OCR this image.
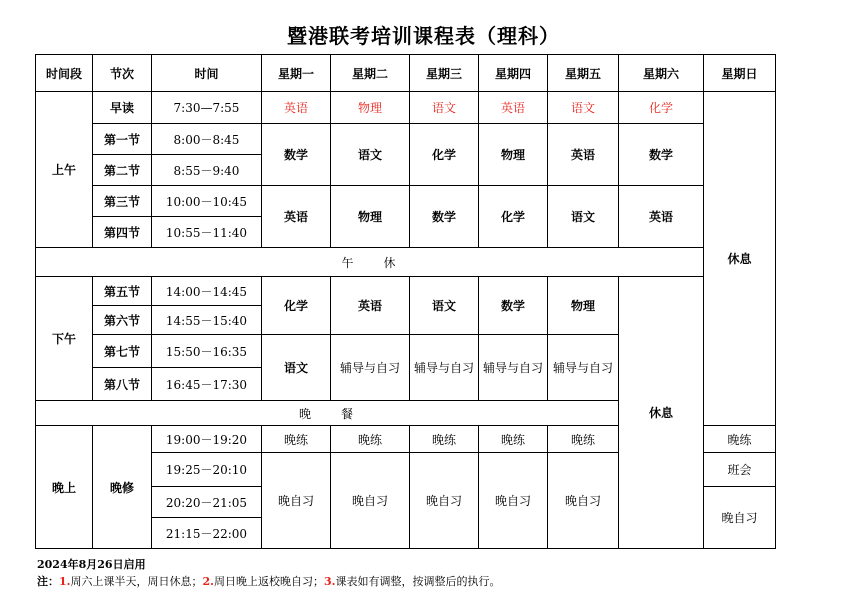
暨港联考培训课程表（理科）
时间段	节次	时间	星期一	星期二	星期三	星期四	星期五	星期六	星期日
上午	早读	7:30—7:55	英语	物理	语文	英语	语文	化学	休息
	第一节	8:00－8:45	数学	语文	化学	物理	英语	数学	
	第二节	8:55－9:40							
	第三节	10:00－10:45	英语	物理	数学	化学	语文	英语	
	第四节	10:55－11:40							
午　　休									
下午	第五节	14:00－14:45	化学	英语	语文	数学	物理	休息	
	第六节	14:55－15:40							
	第七节	15:50－16:35	语文	辅导与自习	辅导与自习	辅导与自习	辅导与自习		
	第八节	16:45－17:30							
晚　　餐									
晚上	晚修	19:00－19:20	晚练	晚练	晚练	晚练	晚练		晚练
		19:25－20:10	晚自习	晚自习	晚自习	晚自习	晚自习		班会
		20:20－21:05							晚自习
		21:15－22:00							
2024年8月26日启用
注：1.周六上课半天，周日休息；2.周日晚上返校晚自习；3.课表如有调整，按调整后的执行。
